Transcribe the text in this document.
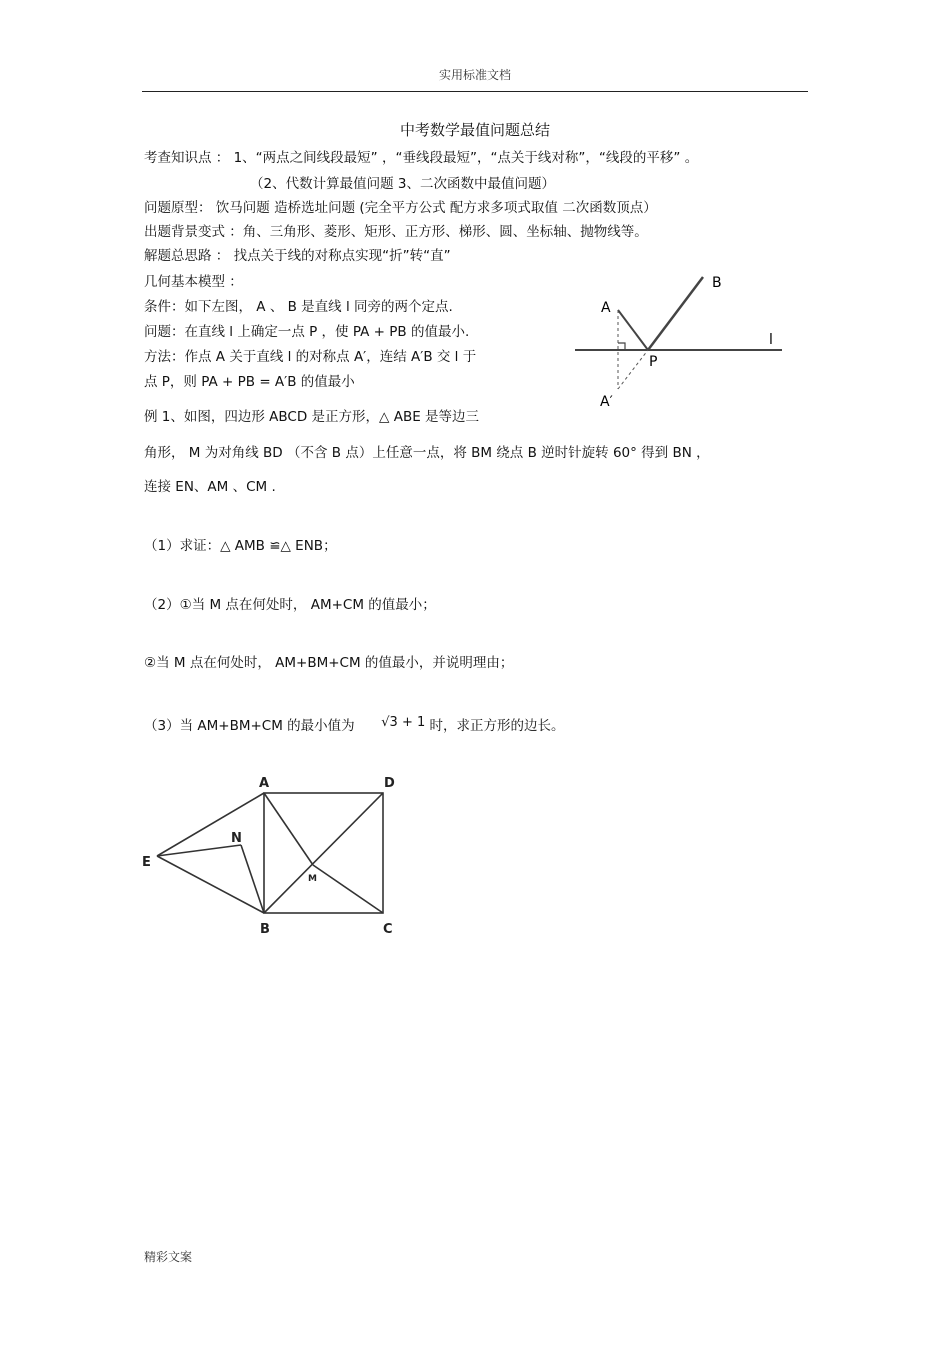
实用标准文档
中考数学最值问题总结
考查知识点 ： 1、“两点之间线段最短” ，“垂线段最短”，“点关于线对称”，“线段的平移” 。
（2、代数计算最值问题 3、二次函数中最值问题）
问题原型： 饮马问题 造桥选址问题 (完全平方公式 配方求多项式取值 二次函数顶点）
出题背景变式 ：角、三角形、菱形、矩形、正方形、梯形、圆、坐标轴、抛物线等。
解题总思路 ： 找点关于线的对称点实现“折”转“直”
几何基本模型 ：
条件：如下左图， A 、 B 是直线 l 同旁的两个定点.
问题：在直线 l 上确定一点 P ，使 PA + PB 的值最小.
方法：作点 A 关于直线 l 的对称点 A′，连结 A′B 交 l 于
点 P，则 PA + PB = A′B 的值最小
例 1、如图，四边形 ABCD 是正方形，△ ABE 是等边三
角形， M 为对角线 BD （不含 B 点）上任意一点，将 BM 绕点 B 逆时针旋转 60° 得到 BN ，
连接 EN、AM 、CM .
（1）求证：△ AMB ≌△ ENB；
（2）①当 M 点在何处时， AM+CM 的值最小；
②当 M 点在何处时， AM+BM+CM 的值最小，并说明理由；
（3）当 AM+BM+CM 的最小值为 √3 + 1 时，求正方形的边长。
A
B
l
P
A′
A	D
B	C
E
N
M
精彩文案
